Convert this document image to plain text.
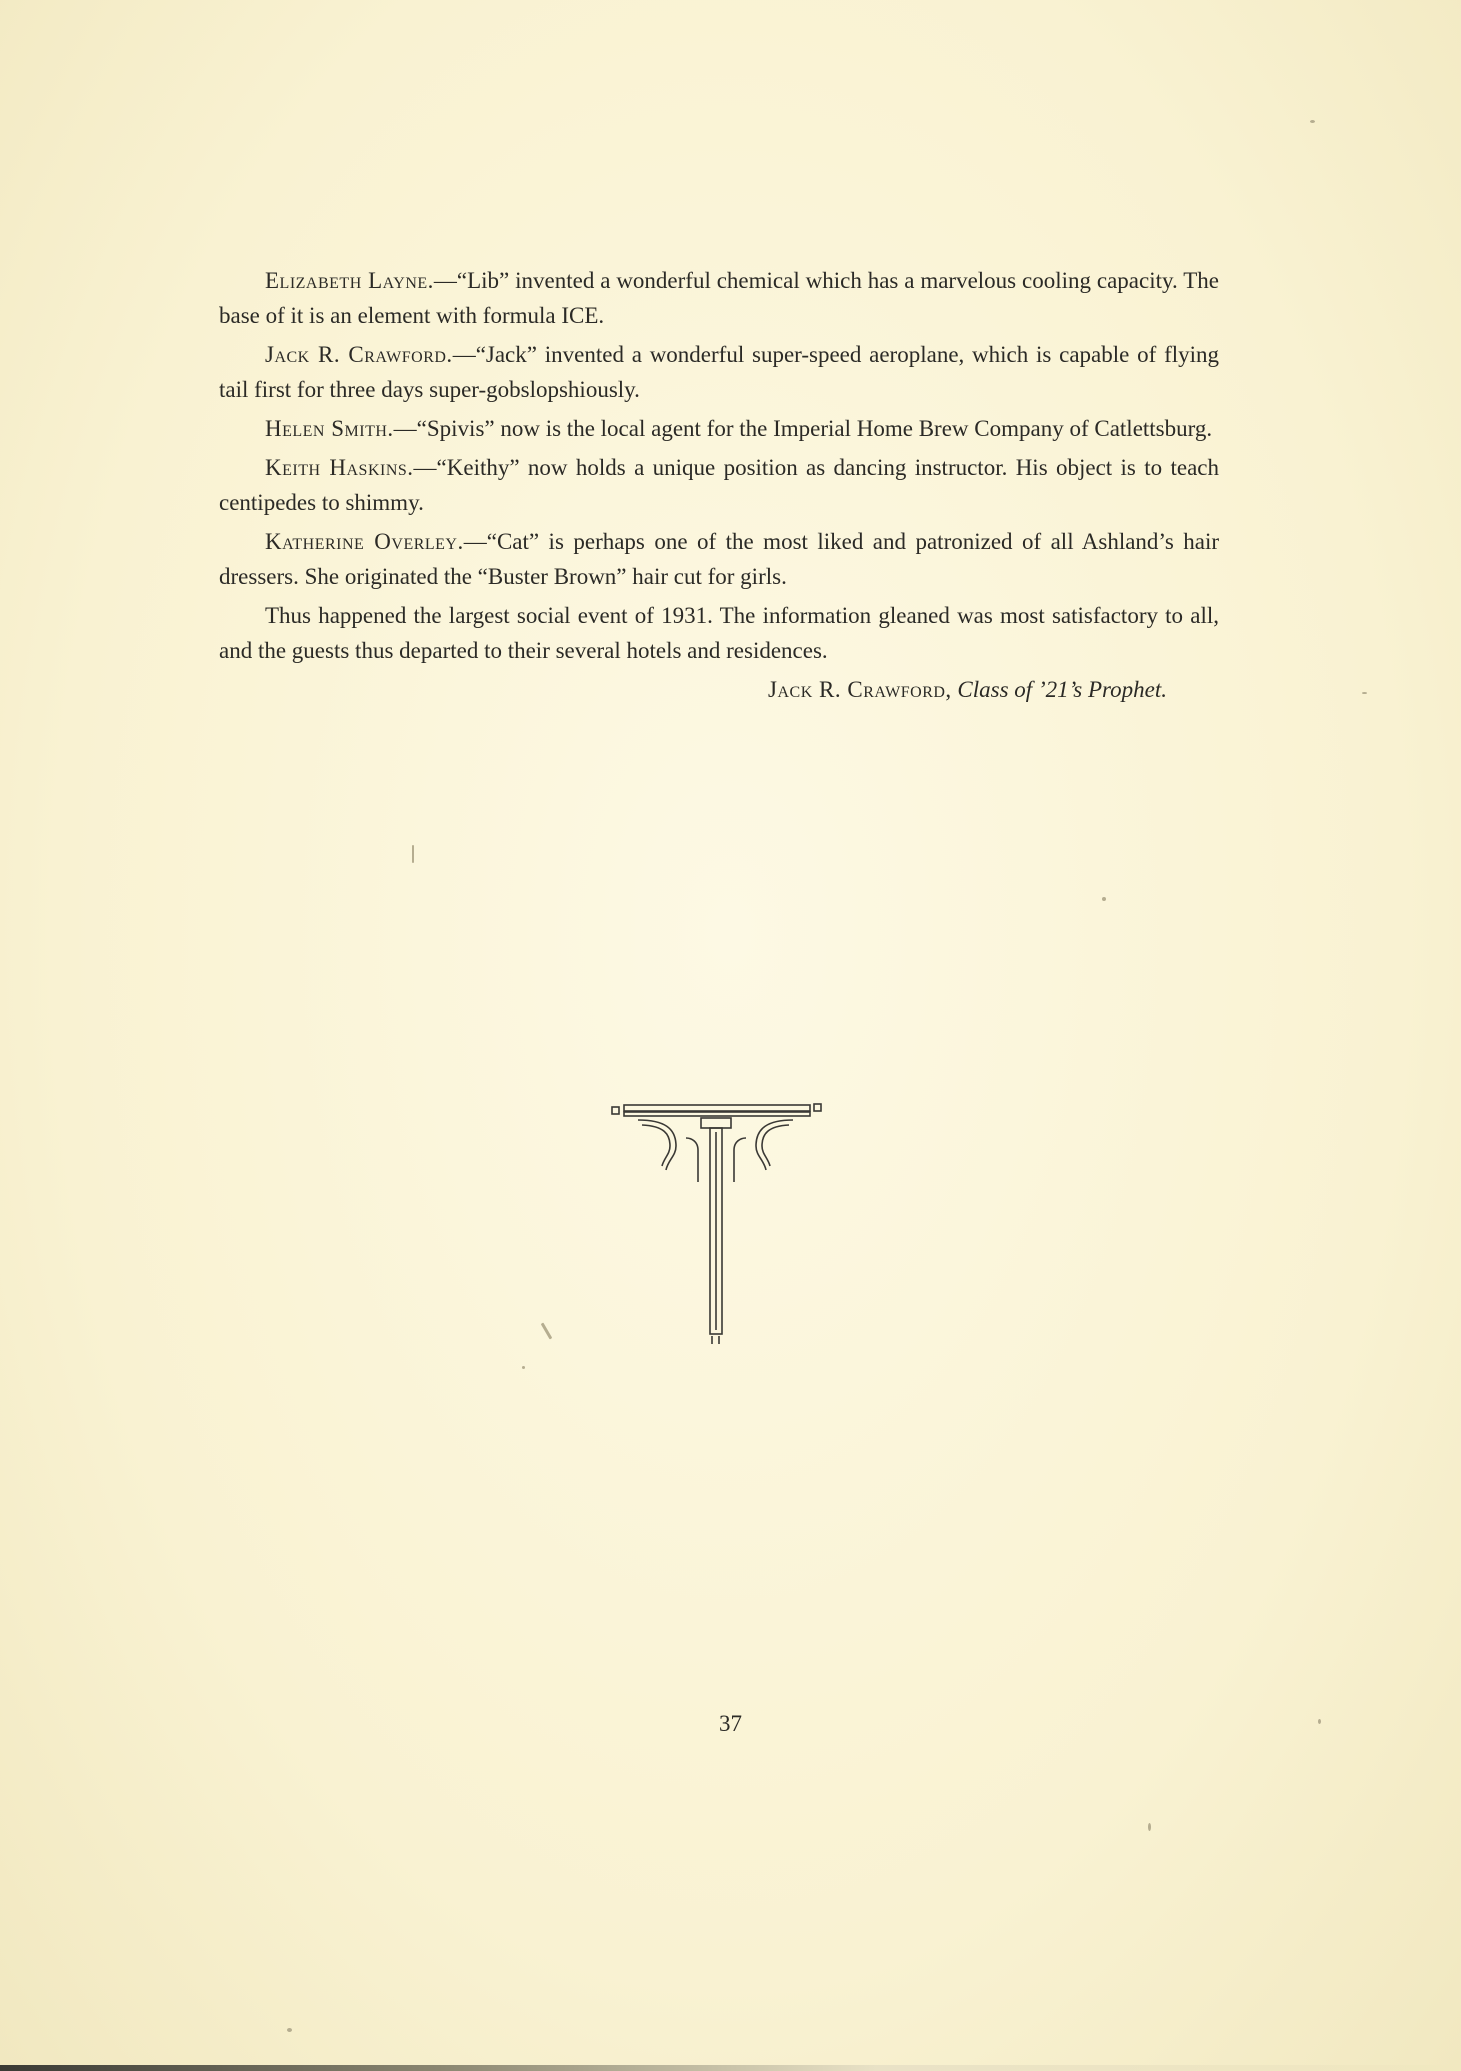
Elizabeth Layne.—“Lib” invented a wonderful chemical which has a marvelous cooling capacity. The base of it is an element with formula ICE.

Jack R. Crawford.—“Jack” invented a wonderful super-speed aeroplane, which is capable of flying tail first for three days super-gobslopshiously.

Helen Smith.—“Spivis” now is the local agent for the Imperial Home Brew Company of Catlettsburg.

Keith Haskins.—“Keithy” now holds a unique position as dancing instructor. His object is to teach centipedes to shimmy.

Katherine Overley.—“Cat” is perhaps one of the most liked and patronized of all Ashland’s hair dressers. She originated the “Buster Brown” hair cut for girls.

Thus happened the largest social event of 1931. The information gleaned was most satisfactory to all, and the guests thus departed to their several hotels and residences.

Jack R. Crawford, Class of ’21’s Prophet.

37
